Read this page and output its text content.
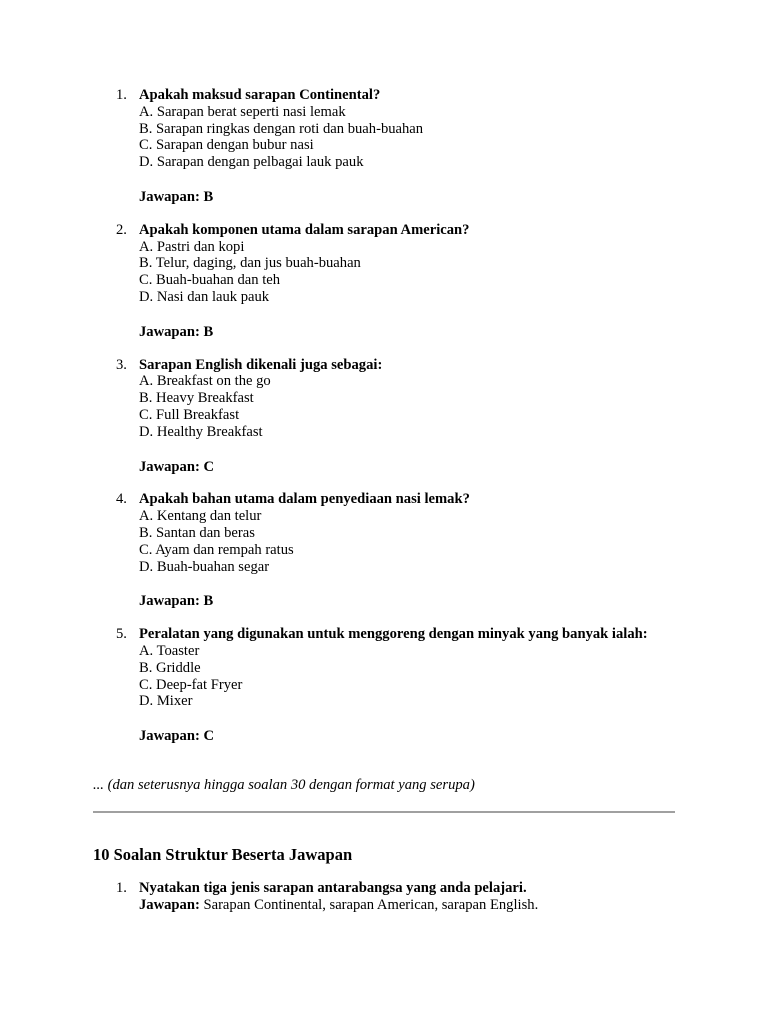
1. Apakah maksud sarapan Continental?
A. Sarapan berat seperti nasi lemak
B. Sarapan ringkas dengan roti dan buah-buahan
C. Sarapan dengan bubur nasi
D. Sarapan dengan pelbagai lauk pauk
Jawapan: B
2. Apakah komponen utama dalam sarapan American?
A. Pastri dan kopi
B. Telur, daging, dan jus buah-buahan
C. Buah-buahan dan teh
D. Nasi dan lauk pauk
Jawapan: B
3. Sarapan English dikenali juga sebagai:
A. Breakfast on the go
B. Heavy Breakfast
C. Full Breakfast
D. Healthy Breakfast
Jawapan: C
4. Apakah bahan utama dalam penyediaan nasi lemak?
A. Kentang dan telur
B. Santan dan beras
C. Ayam dan rempah ratus
D. Buah-buahan segar
Jawapan: B
5. Peralatan yang digunakan untuk menggoreng dengan minyak yang banyak ialah:
A. Toaster
B. Griddle
C. Deep-fat Fryer
D. Mixer
Jawapan: C
... (dan seterusnya hingga soalan 30 dengan format yang serupa)
10 Soalan Struktur Beserta Jawapan
1. Nyatakan tiga jenis sarapan antarabangsa yang anda pelajari.
Jawapan: Sarapan Continental, sarapan American, sarapan English.
